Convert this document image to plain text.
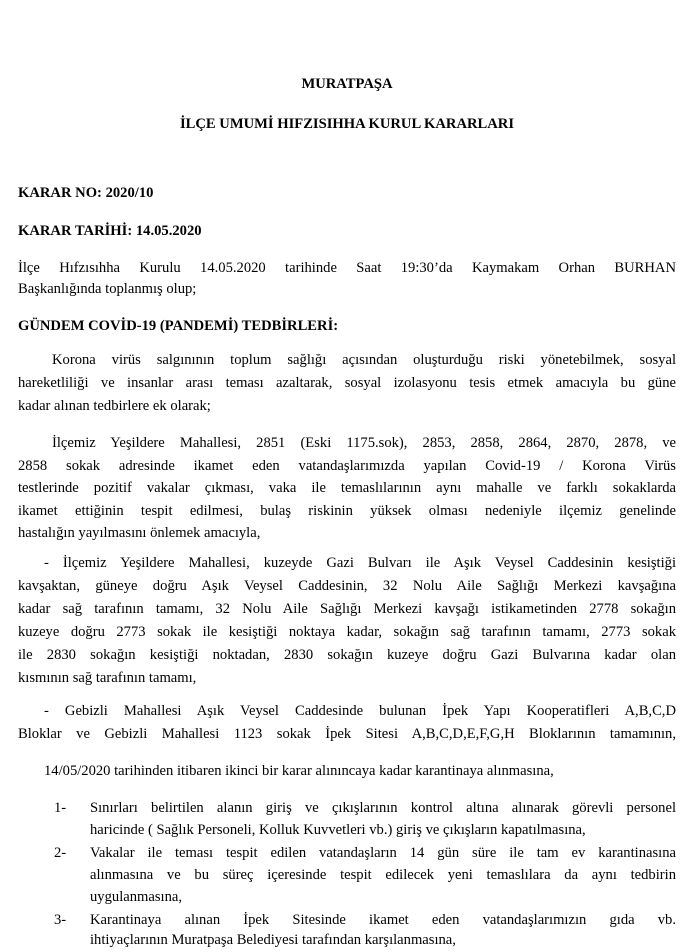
MURATPAŞA
İLÇE UMUMİ HIFZISIHHA KURUL KARARLARI
KARAR NO: 2020/10
KARAR TARİHİ: 14.05.2020
İlçe Hıfzısıhha Kurulu 14.05.2020 tarihinde Saat 19:30’da Kaymakam Orhan BURHAN
Başkanlığında toplanmış olup;
GÜNDEM COVİD-19 (PANDEMİ) TEDBİRLERİ:
Korona virüs salgınının toplum sağlığı açısından oluşturduğu riski yönetebilmek, sosyal
hareketliliği ve insanlar arası teması azaltarak, sosyal izolasyonu tesis etmek amacıyla bu güne
kadar alınan tedbirlere ek olarak;
İlçemiz Yeşildere Mahallesi, 2851 (Eski 1175.sok), 2853, 2858, 2864, 2870, 2878, ve
2858 sokak adresinde ikamet eden vatandaşlarımızda yapılan Covid-19 / Korona Virüs
testlerinde pozitif vakalar çıkması, vaka ile temaslılarının aynı mahalle ve farklı sokaklarda
ikamet ettiğinin tespit edilmesi, bulaş riskinin yüksek olması nedeniyle ilçemiz genelinde
hastalığın yayılmasını önlemek amacıyla,
- İlçemiz Yeşildere Mahallesi, kuzeyde Gazi Bulvarı ile Aşık Veysel Caddesinin kesiştiği
kavşaktan, güneye doğru Aşık Veysel Caddesinin, 32 Nolu Aile Sağlığı Merkezi kavşağına
kadar sağ tarafının tamamı, 32 Nolu Aile Sağlığı Merkezi kavşağı istikametinden 2778 sokağın
kuzeye doğru 2773 sokak ile kesiştiği noktaya kadar, sokağın sağ tarafının tamamı, 2773 sokak
ile 2830 sokağın kesiştiği noktadan, 2830 sokağın kuzeye doğru Gazi Bulvarına kadar olan
kısmının sağ tarafının tamamı,
- Gebizli Mahallesi Aşık Veysel Caddesinde bulunan İpek Yapı Kooperatifleri A,B,C,D
Bloklar ve Gebizli Mahallesi 1123 sokak İpek Sitesi A,B,C,D,E,F,G,H Bloklarının tamamının,
14/05/2020 tarihinden itibaren ikinci bir karar alınıncaya kadar karantinaya alınmasına,
1- Sınırları belirtilen alanın giriş ve çıkışlarının kontrol altına alınarak görevli personel
haricinde ( Sağlık Personeli, Kolluk Kuvvetleri vb.) giriş ve çıkışların kapatılmasına,
2- Vakalar ile teması tespit edilen vatandaşların 14 gün süre ile tam ev karantinasına
alınmasına ve bu süreç içeresinde tespit edilecek yeni temaslılara da aynı tedbirin
uygulanmasına,
3- Karantinaya alınan İpek Sitesinde ikamet eden vatandaşlarımızın gıda vb.
ihtiyaçlarının Muratpaşa Belediyesi tarafından karşılanmasına,
